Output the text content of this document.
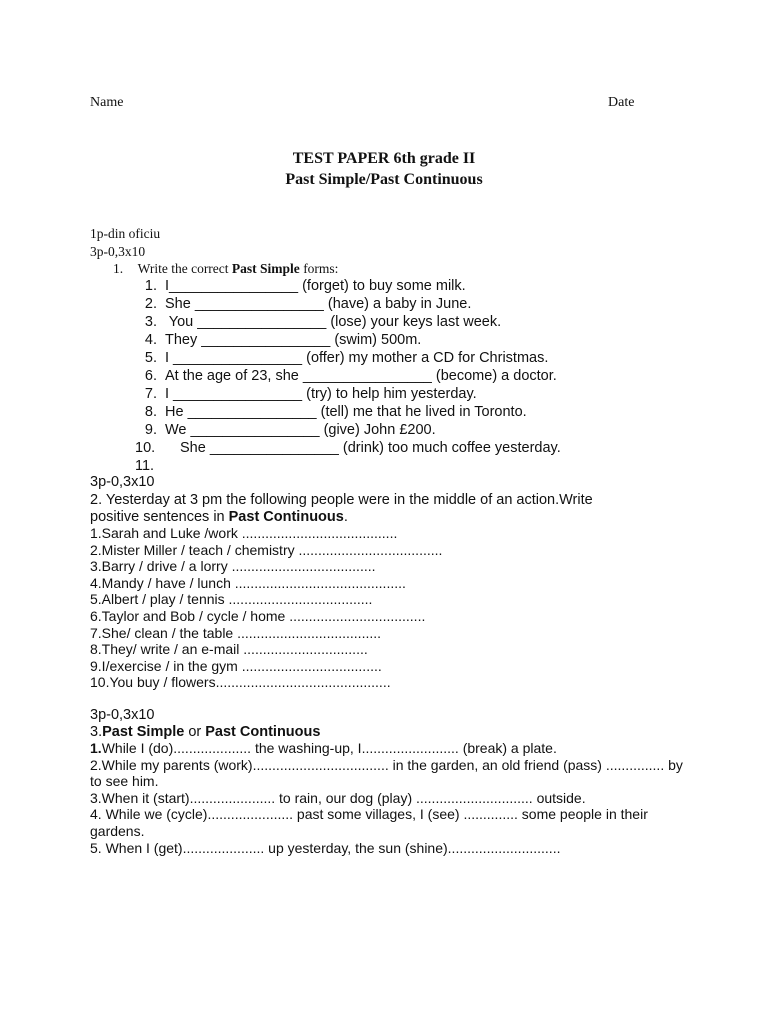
Name	Date
TEST PAPER 6th grade II
Past Simple/Past Continuous
1p-din oficiu
3p-0,3x10
1. Write the correct Past Simple forms:
1. I________________ (forget) to buy some milk.
2. She ________________ (have) a baby in June.
3. You ________________ (lose) your keys last week.
4. They ________________ (swim) 500m.
5. I ________________ (offer) my mother a CD for Christmas.
6. At the age of 23, she ________________ (become) a doctor.
7. I ________________ (try) to help him yesterday.
8. He ________________ (tell) me that he lived in Toronto.
9. We ________________ (give) John £200.
10. She ________________ (drink) too much coffee yesterday.
11.
3p-0,3x10
2. Yesterday at 3 pm the following people were in the middle of an action.Write
positive sentences in Past Continuous.
1.Sarah and Luke /work ........................................
2.Mister Miller / teach / chemistry .....................................
3.Barry / drive / a lorry .....................................
4.Mandy / have / lunch ............................................
5.Albert / play / tennis .....................................
6.Taylor and Bob / cycle / home ...................................
7.She/ clean / the table .....................................
8.They/ write / an e-mail ................................
9.I/exercise / in the gym ....................................
10.You buy / flowers.............................................
3p-0,3x10
3.Past Simple or Past Continuous
1.While I (do).................... the washing-up, I......................... (break) a plate.
2.While my parents (work)................................... in the garden, an old friend (pass) ............... by to see him.
3.When it (start)...................... to rain, our dog (play) .............................. outside.
4. While we (cycle)...................... past some villages, I (see) .............. some people in their gardens.
5. When I (get)..................... up yesterday, the sun (shine).............................
